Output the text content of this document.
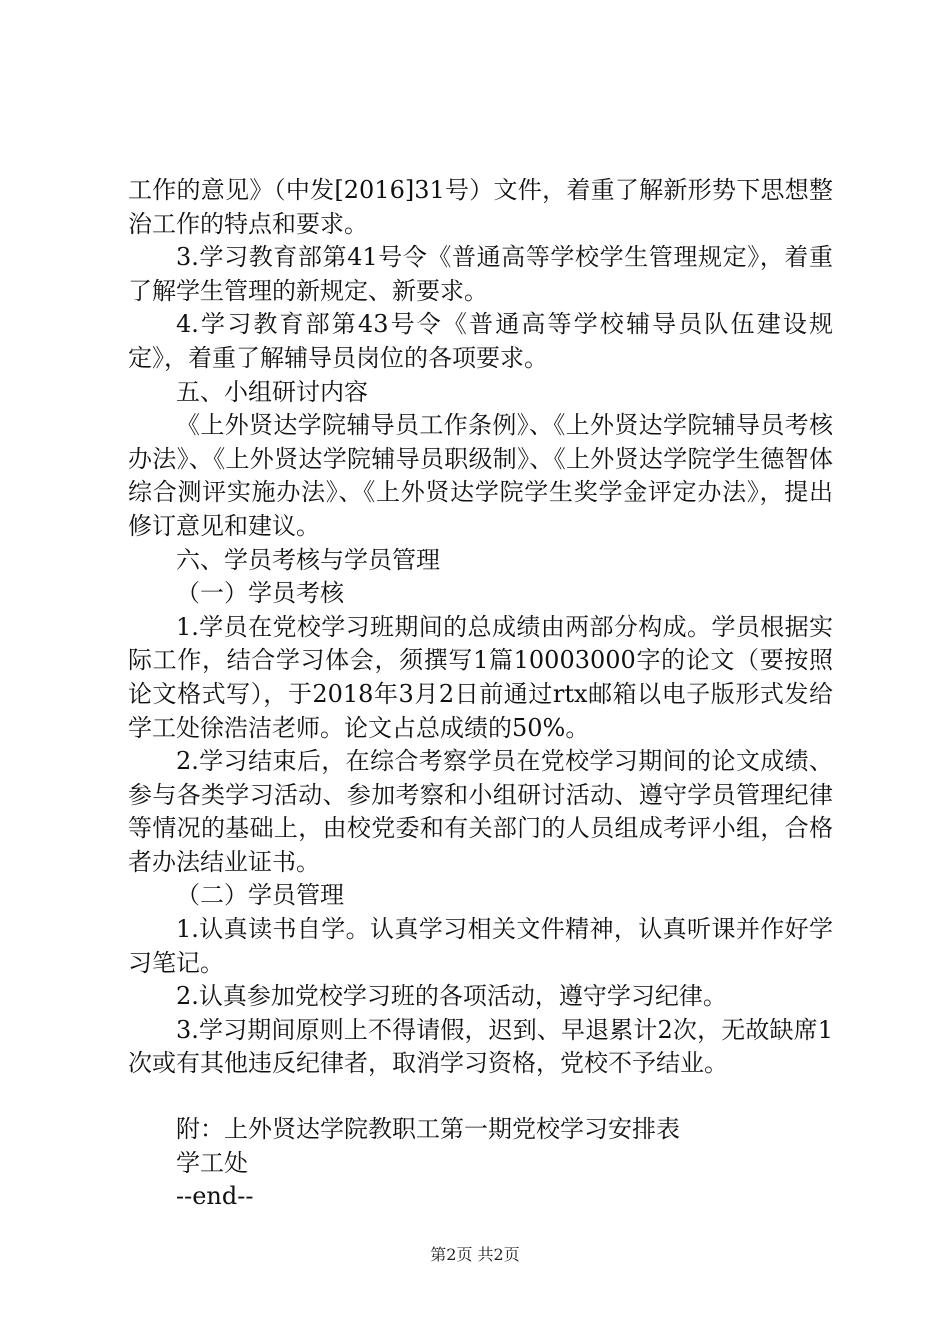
工作的意见》（中发[2016]31号）文件，着重了解新形势下思想整治工作的特点和要求。

3.学习教育部第41号令《普通高等学校学生管理规定》，着重了解学生管理的新规定、新要求。

4.学习教育部第43号令《普通高等学校辅导员队伍建设规定》，着重了解辅导员岗位的各项要求。

五、小组研讨内容

《上外贤达学院辅导员工作条例》、《上外贤达学院辅导员考核办法》、《上外贤达学院辅导员职级制》、《上外贤达学院学生德智体综合测评实施办法》、《上外贤达学院学生奖学金评定办法》，提出修订意见和建议。

六、学员考核与学员管理

（一）学员考核

1.学员在党校学习班期间的总成绩由两部分构成。学员根据实际工作，结合学习体会，须撰写1篇10003000字的论文（要按照论文格式写），于2018年3月2日前通过rtx邮箱以电子版形式发给学工处徐浩洁老师。论文占总成绩的50%。

2.学习结束后，在综合考察学员在党校学习期间的论文成绩、参与各类学习活动、参加考察和小组研讨活动、遵守学员管理纪律等情况的基础上，由校党委和有关部门的人员组成考评小组，合格者办法结业证书。

（二）学员管理

1.认真读书自学。认真学习相关文件精神，认真听课并作好学习笔记。

2.认真参加党校学习班的各项活动，遵守学习纪律。

3.学习期间原则上不得请假，迟到、早退累计2次，无故缺席1次或有其他违反纪律者，取消学习资格，党校不予结业。

附：上外贤达学院教职工第一期党校学习安排表
学工处
--end--
第2页 共2页
